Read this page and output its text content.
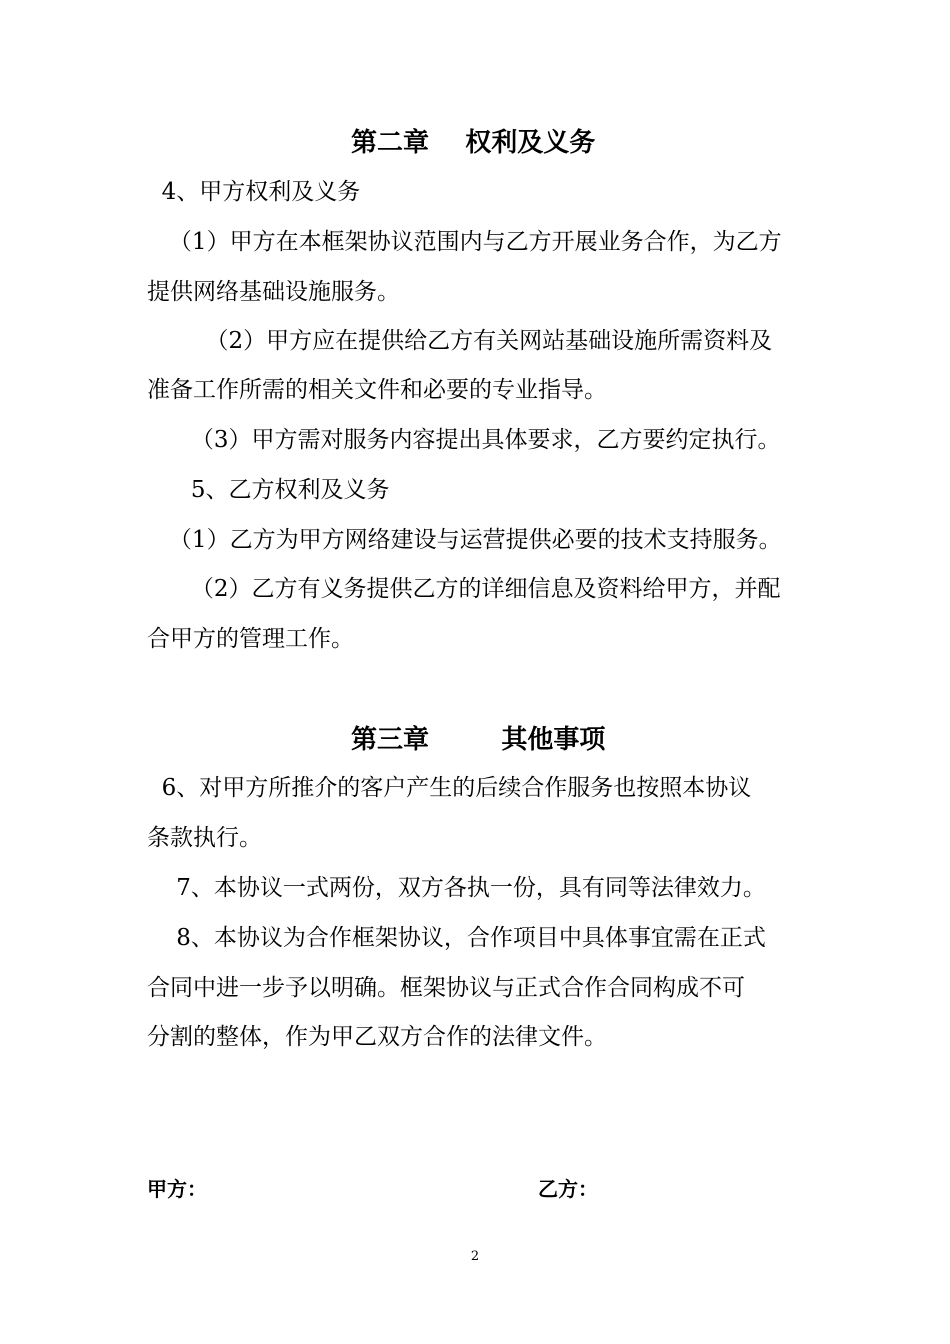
第二章    权利及义务
4、甲方权利及义务
（1）甲方在本框架协议范围内与乙方开展业务合作，为乙方
提供网络基础设施服务。
（2）甲方应在提供给乙方有关网站基础设施所需资料及
准备工作所需的相关文件和必要的专业指导。
（3）甲方需对服务内容提出具体要求，乙方要约定执行。
5、乙方权利及义务
（1）乙方为甲方网络建设与运营提供必要的技术支持服务。
（2）乙方有义务提供乙方的详细信息及资料给甲方，并配
合甲方的管理工作。
第三章        其他事项
6、对甲方所推介的客户产生的后续合作服务也按照本协议
条款执行。
7、本协议一式两份，双方各执一份，具有同等法律效力。
8、本协议为合作框架协议，合作项目中具体事宜需在正式
合同中进一步予以明确。框架协议与正式合作合同构成不可
分割的整体，作为甲乙双方合作的法律文件。
甲方：	乙方：
2
